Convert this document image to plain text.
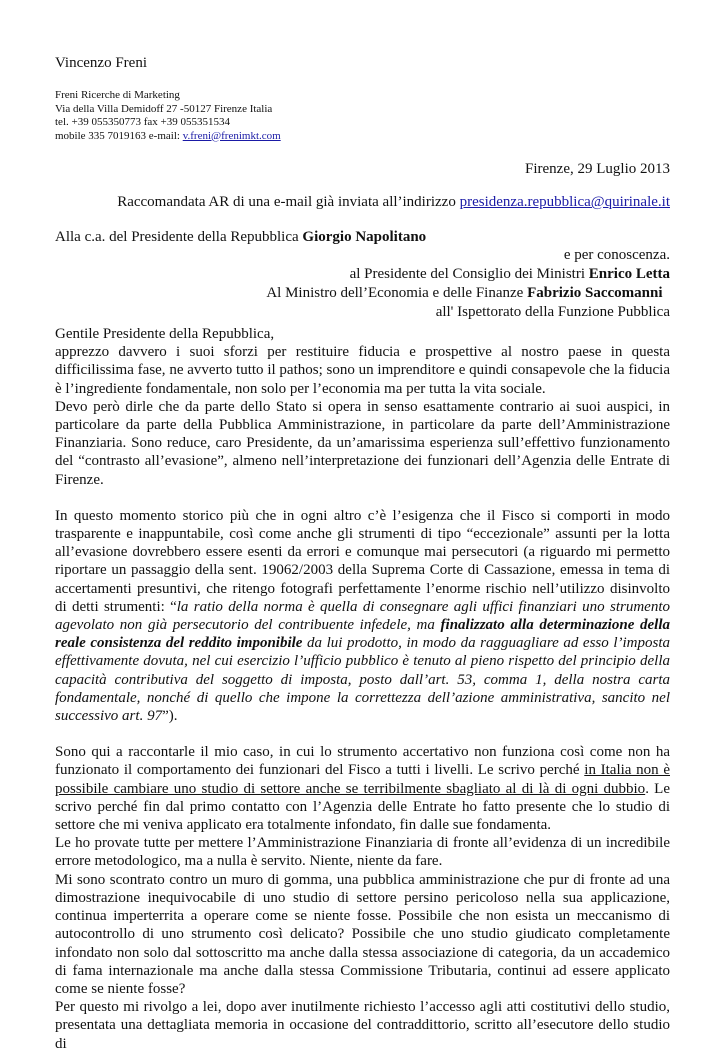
Vincenzo Freni
Freni Ricerche di Marketing
Via della Villa Demidoff 27 -50127 Firenze Italia
tel. +39 055350773 fax +39 055351534
mobile 335 7019163 e-mail: v.freni@frenimkt.com
Firenze, 29 Luglio 2013
Raccomandata AR di una e-mail già inviata all’indirizzo presidenza.repubblica@quirinale.it
Alla c.a. del Presidente della Repubblica Giorgio Napolitano
e per conoscenza.
al Presidente del Consiglio dei Ministri Enrico Letta
Al Ministro dell’Economia e delle Finanze Fabrizio Saccomanni
all' Ispettorato della Funzione Pubblica

Gentile Presidente della Repubblica,

apprezzo davvero i suoi sforzi per restituire fiducia e prospettive al nostro paese in questa difficilissima fase, ne avverto tutto il pathos; sono un imprenditore e quindi consapevole che la fiducia è l’ingrediente fondamentale, non solo per l’economia ma per tutta la vita sociale.

Devo però dirle che da parte dello Stato si opera in senso esattamente contrario ai suoi auspici, in particolare da parte della Pubblica Amministrazione, in particolare da parte dell’Amministrazione Finanziaria. Sono reduce, caro Presidente, da un’amarissima esperienza sull’effettivo funzionamento del “contrasto all’evasione”, almeno nell’interpretazione dei funzionari dell’Agenzia delle Entrate di Firenze.

In questo momento storico più che in ogni altro c’è l’esigenza che il Fisco si comporti in modo trasparente e inappuntabile, così come anche gli strumenti di tipo “eccezionale” assunti per la lotta all’evasione dovrebbero essere esenti da errori e comunque mai persecutori (a riguardo mi permetto riportare un passaggio della sent. 19062/2003 della Suprema Corte di Cassazione, emessa in tema di accertamenti presuntivi, che ritengo fotografi perfettamente l’enorme rischio nell’utilizzo disinvolto di detti strumenti: “la ratio della norma è quella di consegnare agli uffici finanziari uno strumento agevolato non già persecutorio del contribuente infedele, ma finalizzato alla determinazione della reale consistenza del reddito imponibile da lui prodotto, in modo da ragguagliare ad esso l’imposta effettivamente dovuta, nel cui esercizio l’ufficio pubblico è tenuto al pieno rispetto del principio della capacità contributiva del soggetto di imposta, posto dall’art. 53, comma 1, della nostra carta fondamentale, nonché di quello che impone la correttezza dell’azione amministrativa, sancito nel successivo art. 97”).

Sono qui a raccontarle il mio caso, in cui lo strumento accertativo non funziona così come non ha funzionato il comportamento dei funzionari del Fisco a tutti i livelli. Le scrivo perché in Italia non è possibile cambiare uno studio di settore anche se terribilmente sbagliato al di là di ogni dubbio. Le scrivo perché fin dal primo contatto con l’Agenzia delle Entrate ho fatto presente che lo studio di settore che mi veniva applicato era totalmente infondato, fin dalle sue fondamenta.

Le ho provate tutte per mettere l’Amministrazione Finanziaria di fronte all’evidenza di un incredibile errore metodologico, ma a nulla è servito. Niente, niente da fare.

Mi sono scontrato contro un muro di gomma, una pubblica amministrazione che pur di fronte ad una dimostrazione inequivocabile di uno studio di settore persino pericoloso nella sua applicazione, continua imperterrita a operare come se niente fosse. Possibile che non esista un meccanismo di autocontrollo di uno strumento così delicato? Possibile che uno studio giudicato completamente infondato non solo dal sottoscritto ma anche dalla stessa associazione di categoria, da un accademico di fama internazionale ma anche dalla stessa Commissione Tributaria, continui ad essere applicato come se niente fosse?

Per questo mi rivolgo a lei, dopo aver inutilmente richiesto l’accesso agli atti costitutivi dello studio, presentata una dettagliata memoria in occasione del contraddittorio, scritto all’esecutore dello studio di
